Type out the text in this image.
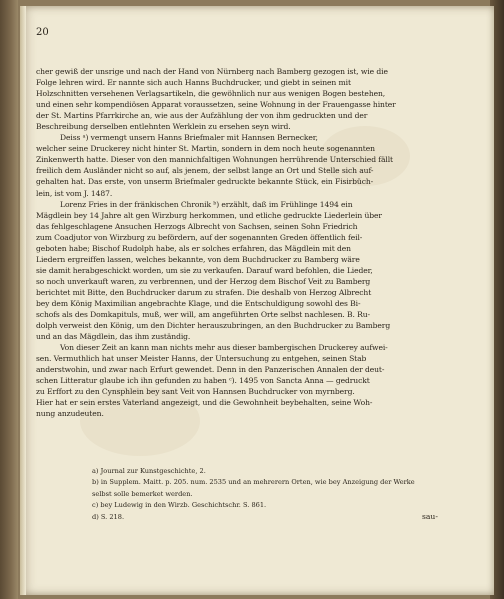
20
cher gewiß der unsrige und nach der Hand von Nürnberg nach Bamberg gezogen ist, wie die
Folge lehren wird. Er nannte sich auch Hanns Buchdrucker, und giebt in seinen mit
Holzschnitten versehenen Verlagsartikeln, die gewöhnlich nur aus wenigen Bogen bestehen,
und einen sehr kompendiösen Apparat voraussetzen, seine Wohnung in der Frauengasse hinter
der St. Martins Pfarrkirche an, wie aus der Aufzählung der von ihm gedruckten und der
Beschreibung derselben entlehnten Werklein zu ersehen seyn wird.
Deiss ᵃ) vermengt unsern Hanns Briefmaler mit Hannsen Bernecker,
welcher seine Druckerey nicht hinter St. Martin, sondern in dem noch heute sogenannten
Zinkenwerth hatte. Dieser von den mannichfaltigen Wohnungen herrührende Unterschied fällt
freilich dem Ausländer nicht so auf, als jenem, der selbst lange an Ort und Stelle sich auf-
gehalten hat. Das erste, von unserm Briefmaler gedruckte bekannte Stück, ein Fisirbüch-
lein, ist vom J. 1487.
Lorenz Fries in der fränkischen Chronik ᵇ) erzählt, daß im Frühlinge 1494 ein
Mägdlein bey 14 Jahre alt gen Wirzburg herkommen, und etliche gedruckte Liederlein über
das fehlgeschlagene Ansuchen Herzogs Albrecht von Sachsen, seinen Sohn Friedrich
zum Coadjutor von Wirzburg zu befördern, auf der sogenannten Greden öffentlich feil-
geboten habe; Bischof Rudolph habe, als er solches erfahren, das Mägdlein mit den
Liedern ergreiffen lassen, welches bekannte, von dem Buchdrucker zu Bamberg wäre
sie damit herabgeschickt worden, um sie zu verkaufen. Darauf ward befohlen, die Lieder,
so noch unverkauft waren, zu verbrennen, und der Herzog dem Bischof Veit zu Bamberg
berichtet mit Bitte, den Buchdrucker darum zu strafen. Die deshalb von Herzog Albrecht
bey dem König Maximilian angebrachte Klage, und die Entschuldigung sowohl des Bi-
schofs als des Domkapituls, muß, wer will, am angeführten Orte selbst nachlesen. B. Ru-
dolph verweist den König, um den Dichter herauszubringen, an den Buchdrucker zu Bamberg
und an das Mägdlein, das ihm zuständig.
Von dieser Zeit an kann man nichts mehr aus dieser bambergischen Druckerey aufwei-
sen. Vermuthlich hat unser Meister Hanns, der Untersuchung zu entgehen, seinen Stab
anderstwohin, und zwar nach Erfurt gewendet. Denn in den Panzerischen Annalen der deut-
schen Litteratur glaube ich ihn gefunden zu haben ᶜ). 1495 von Sancta Anna — gedruckt
zu Erffort zu den Cynsphlein bey sant Veit von Hannsen Buchdrucker von myrnberg.
Hier hat er sein erstes Vaterland angezeigt, und die Gewohnheit beybehalten, seine Woh-
nung anzudeuten.
a) Journal zur Kunstgeschichte, 2.
b) in Supplem. Maitt. p. 205. num. 2535 und an mehrerern Orten, wie bey Anzeigung der Werke
selbst solle bemerket werden.
c) bey Ludewig in den Wirzb. Geschichtschr. S. 861.
d) S. 218.	sau-
